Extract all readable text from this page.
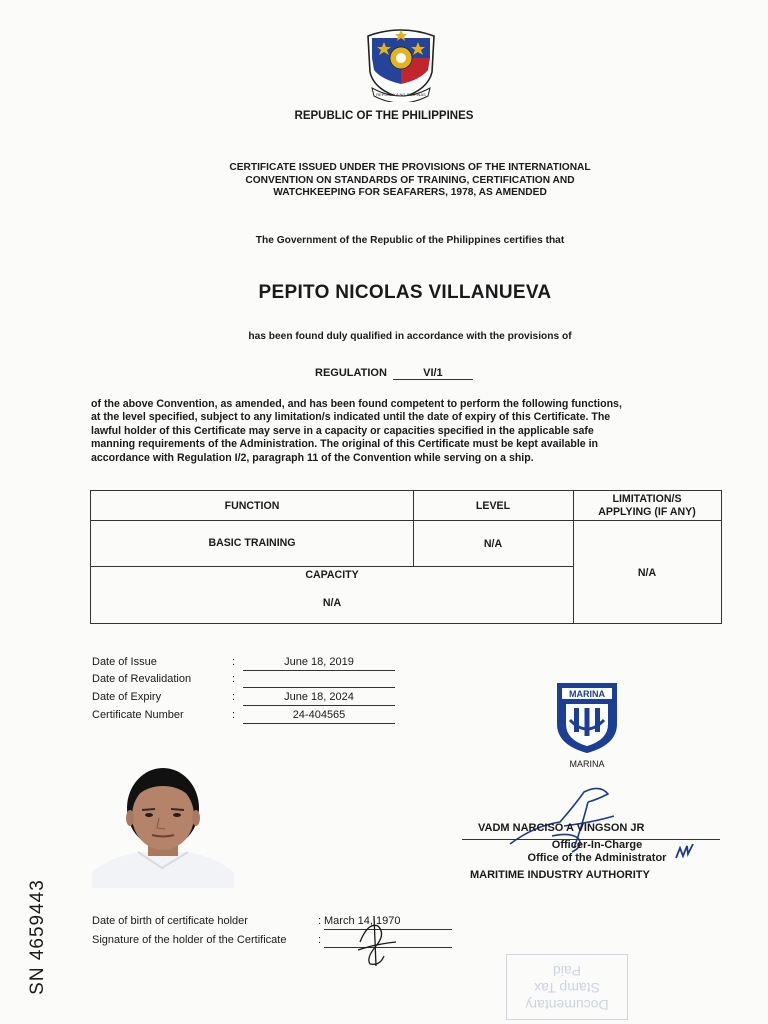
REPUBLIKA NG PILIPINAS
REPUBLIC OF THE PHILIPPINES
CERTIFICATE ISSUED UNDER THE PROVISIONS OF THE INTERNATIONAL
CONVENTION ON STANDARDS OF TRAINING, CERTIFICATION AND
WATCHKEEPING FOR SEAFARERS, 1978, AS AMENDED
The Government of the Republic of the Philippines certifies that
PEPITO NICOLAS VILLANUEVA
has been found duly qualified in accordance with the provisions of
REGULATION	VI/1
of the above Convention, as amended, and has been found competent to perform the following functions,
at the level specified, subject to any limitation/s indicated until the date of expiry of this Certificate. The
lawful holder of this Certificate may serve in a capacity or capacities specified in the applicable safe
manning requirements of the Administration. The original of this Certificate must be kept available in
accordance with Regulation I/2, paragraph 11 of the Convention while serving on a ship.
FUNCTION	LEVEL
LIMITATION/S
APPLYING (IF ANY)
BASIC TRAINING	N/A
N/A
CAPACITY
N/A
Date of Issue	:	June 18, 2019
Date of Revalidation	:
Date of Expiry	:	June 18, 2024
Certificate Number	:	24-404565
MARINA
MARINA
VADM NARCISO A VINGSON JR
Officer-In-Charge
Office of the Administrator
MARITIME INDUSTRY AUTHORITY
Date of birth of certificate holder	: March 14, 1970
Signature of the holder of the Certificate	:
SN 4659443
Documentary
Stamp Tax
Paid
